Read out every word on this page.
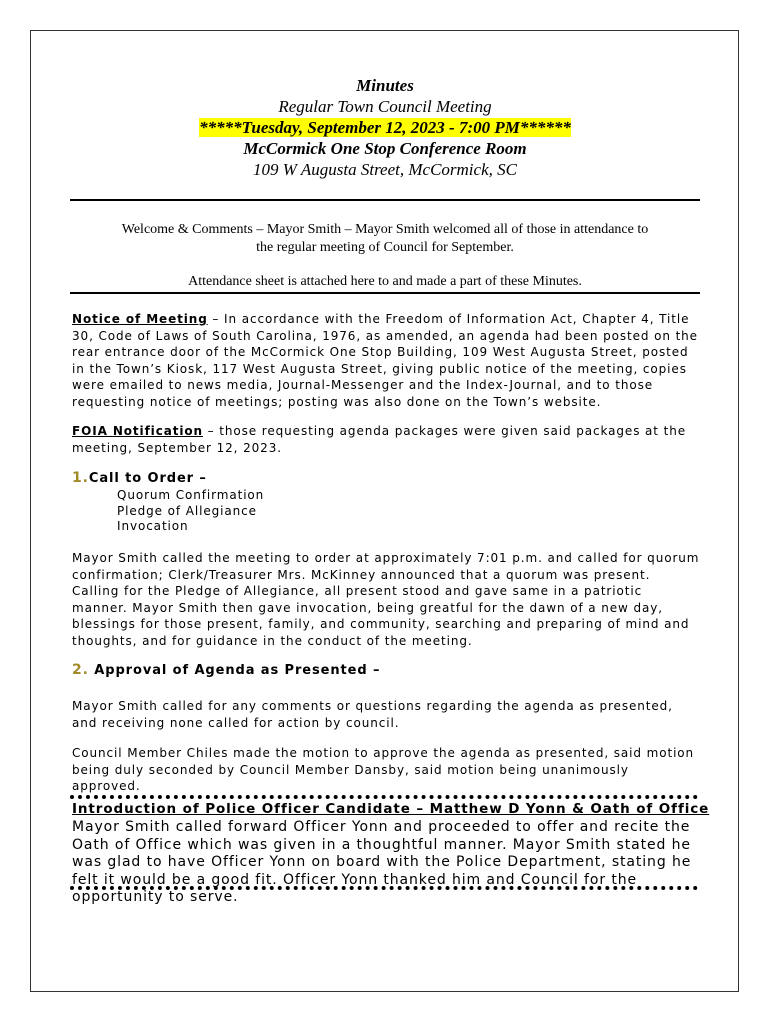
Minutes
Regular Town Council Meeting
*****Tuesday, September 12, 2023 - 7:00 PM******
McCormick One Stop Conference Room
109 W Augusta Street, McCormick, SC
Welcome & Comments – Mayor Smith – Mayor Smith welcomed all of those in attendance to
the regular meeting of Council for September.
Attendance sheet is attached here to and made a part of these Minutes.
Notice of Meeting – In accordance with the Freedom of Information Act, Chapter 4, Title 30, Code of Laws of South Carolina, 1976, as amended, an agenda had been posted on the rear entrance door of the McCormick One Stop Building, 109 West Augusta Street, posted in the Town’s Kiosk, 117 West Augusta Street, giving public notice of the meeting, copies were emailed to news media, Journal-Messenger and the Index-Journal, and to those requesting notice of meetings; posting was also done on the Town’s website.
FOIA Notification – those requesting agenda packages were given said packages at the meeting, September 12, 2023.
1.Call to Order –
Quorum Confirmation
Pledge of Allegiance
Invocation
Mayor Smith called the meeting to order at approximately 7:01 p.m. and called for quorum confirmation; Clerk/Treasurer Mrs. McKinney announced that a quorum was present. Calling for the Pledge of Allegiance, all present stood and gave same in a patriotic manner. Mayor Smith then gave invocation, being greatful for the dawn of a new day, blessings for those present, family, and community, searching and preparing of mind and thoughts, and for guidance in the conduct of the meeting.
2. Approval of Agenda as Presented –
Mayor Smith called for any comments or questions regarding the agenda as presented, and receiving none called for action by council.
Council Member Chiles made the motion to approve the agenda as presented, said motion being duly seconded by Council Member Dansby, said motion being unanimously approved.
Introduction of Police Officer Candidate – Matthew D Yonn & Oath of Office
Mayor Smith called forward Officer Yonn and proceeded to offer and recite the Oath of Office which was given in a thoughtful manner. Mayor Smith stated he was glad to have Officer Yonn on board with the Police Department, stating he felt it would be a good fit. Officer Yonn thanked him and Council for the opportunity to serve.
